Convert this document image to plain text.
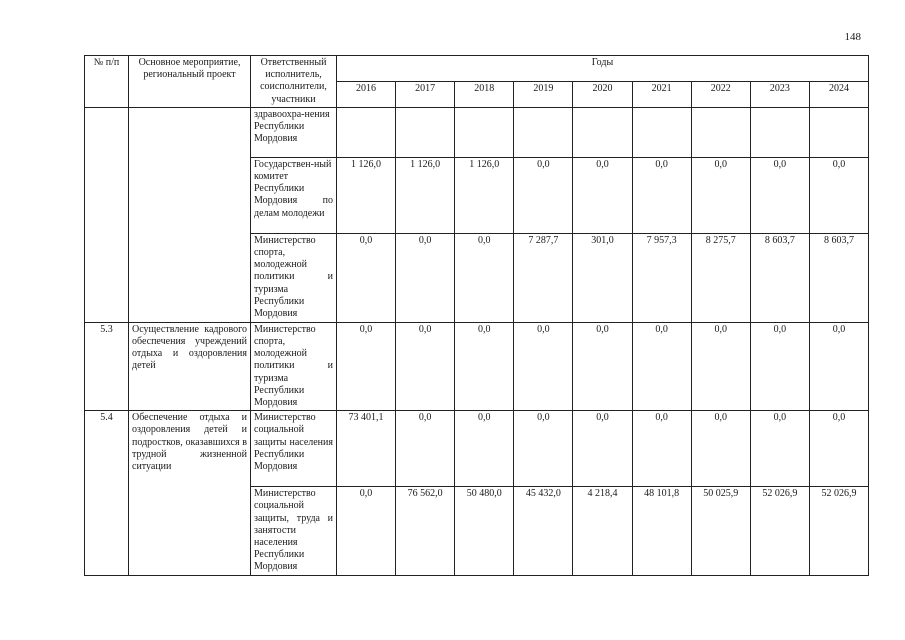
148
№ п/п	Основное мероприятие, региональный проект	Ответственный исполнитель, соисполнители, участники	Годы								
			2016	2017	2018	2019	2020	2021	2022	2023	2024
		здравоохра-нения Республики Мордовия									
		Государствен-ный комитет Республики Мордовия по делам молодежи	1 126,0	1 126,0	1 126,0	0,0	0,0	0,0	0,0	0,0	0,0
		Министерство спорта, молодежной политики и туризма Республики Мордовия	0,0	0,0	0,0	7 287,7	301,0	7 957,3	8 275,7	8 603,7	8 603,7
5.3	Осуществление кадрового обеспечения учреждений отдыха и оздоровления детей	Министерство спорта, молодежной политики и туризма Республики Мордовия	0,0	0,0	0,0	0,0	0,0	0,0	0,0	0,0	0,0
5.4	Обеспечение отдыха и оздоровления детей и подростков, оказавшихся в трудной жизненной ситуации	Министерство социальной защиты населения Республики Мордовия	73 401,1	0,0	0,0	0,0	0,0	0,0	0,0	0,0	0,0
		Министерство социальной защиты, труда и занятости населения Республики Мордовия	0,0	76 562,0	50 480,0	45 432,0	4 218,4	48 101,8	50 025,9	52 026,9	52 026,9
